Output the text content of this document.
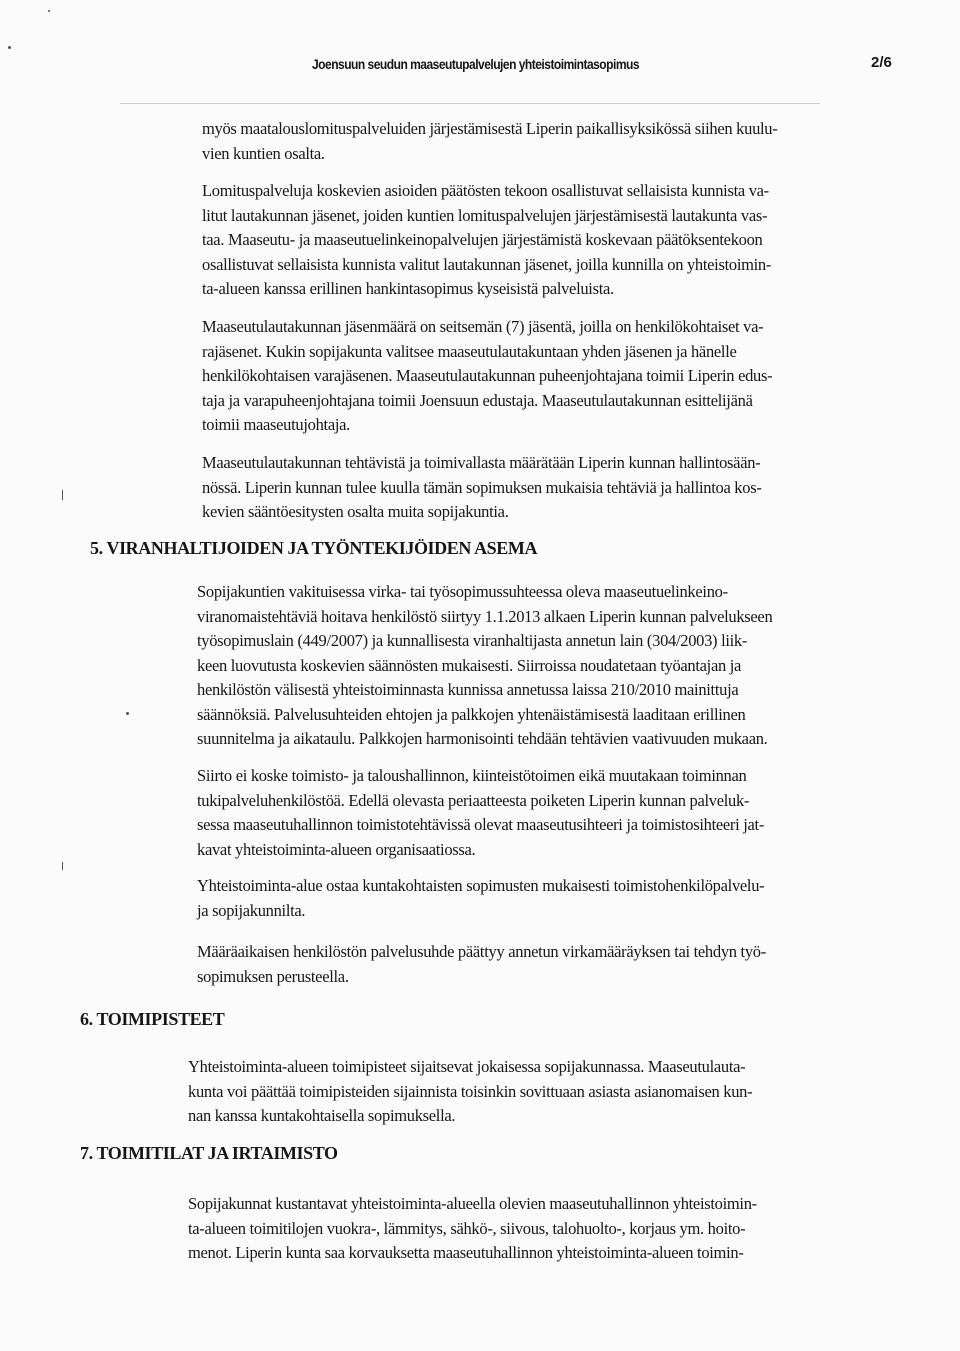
Joensuun seudun maaseutupalvelujen yhteistoimintasopimus	2/6
myös maatalouslomituspalveluiden järjestämisestä Liperin paikallisyksikössä siihen kuulu-
vien kuntien osalta.
Lomituspalveluja koskevien asioiden päätösten tekoon osallistuvat sellaisista kunnista va-
litut lautakunnan jäsenet, joiden kuntien lomituspalvelujen järjestämisestä lautakunta vas-
taa. Maaseutu- ja maaseutuelinkeinopalvelujen järjestämistä koskevaan päätöksentekoon
osallistuvat sellaisista kunnista valitut lautakunnan jäsenet, joilla kunnilla on yhteistoimin-
ta-alueen kanssa erillinen hankintasopimus kyseisistä palveluista.
Maaseutulautakunnan jäsenmäärä on seitsemän (7) jäsentä, joilla on henkilökohtaiset va-
rajäsenet. Kukin sopijakunta valitsee maaseutulautakuntaan yhden jäsenen ja hänelle
henkilökohtaisen varajäsenen. Maaseutulautakunnan puheenjohtajana toimii Liperin edus-
taja ja varapuheenjohtajana toimii Joensuun edustaja. Maaseutulautakunnan esittelijänä
toimii maaseutujohtaja.
Maaseutulautakunnan tehtävistä ja toimivallasta määrätään Liperin kunnan hallintosään-
nössä. Liperin kunnan tulee kuulla tämän sopimuksen mukaisia tehtäviä ja hallintoa kos-
kevien sääntöesitysten osalta muita sopijakuntia.
5. VIRANHALTIJOIDEN JA TYÖNTEKIJÖIDEN ASEMA
Sopijakuntien vakituisessa virka- tai työsopimussuhteessa oleva maaseutuelinkeino-
viranomaistehtäviä hoitava henkilöstö siirtyy 1.1.2013 alkaen Liperin kunnan palvelukseen
työsopimuslain (449/2007) ja kunnallisesta viranhaltijasta annetun lain (304/2003) liik-
keen luovutusta koskevien säännösten mukaisesti. Siirroissa noudatetaan työantajan ja
henkilöstön välisestä yhteistoiminnasta kunnissa annetussa laissa 210/2010 mainittuja
säännöksiä. Palvelusuhteiden ehtojen ja palkkojen yhtenäistämisestä laaditaan erillinen
suunnitelma ja aikataulu. Palkkojen harmonisointi tehdään tehtävien vaativuuden mukaan.
Siirto ei koske toimisto- ja taloushallinnon, kiinteistötoimen eikä muutakaan toiminnan
tukipalveluhenkilöstöä. Edellä olevasta periaatteesta poiketen Liperin kunnan palveluk-
sessa maaseutuhallinnon toimistotehtävissä olevat maaseutusihteeri ja toimistosihteeri jat-
kavat yhteistoiminta-alueen organisaatiossa.
Yhteistoiminta-alue ostaa kuntakohtaisten sopimusten mukaisesti toimistohenkilöpalvelu-
ja sopijakunnilta.
Määräaikaisen henkilöstön palvelusuhde päättyy annetun virkamääräyksen tai tehdyn työ-
sopimuksen perusteella.
6. TOIMIPISTEET
Yhteistoiminta-alueen toimipisteet sijaitsevat jokaisessa sopijakunnassa. Maaseutulauta-
kunta voi päättää toimipisteiden sijainnista toisinkin sovittuaan asiasta asianomaisen kun-
nan kanssa kuntakohtaisella sopimuksella.
7. TOIMITILAT JA IRTAIMISTO
Sopijakunnat kustantavat yhteistoiminta-alueella olevien maaseutuhallinnon yhteistoimin-
ta-alueen toimitilojen vuokra-, lämmitys, sähkö-, siivous, talohuolto-, korjaus ym. hoito-
menot. Liperin kunta saa korvauksetta maaseutuhallinnon yhteistoiminta-alueen toimin-
